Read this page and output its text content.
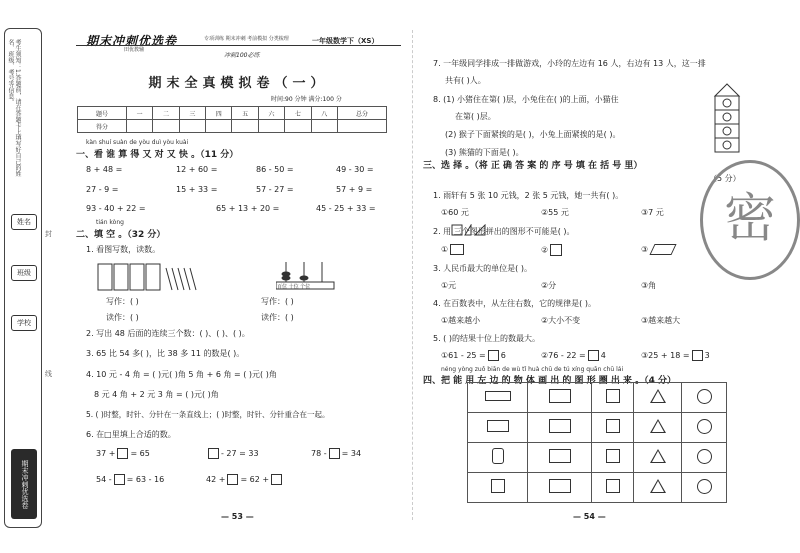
考生须知：1.答题前，请在答题卡上填写好自己的姓名、班级、考号等信息。
姓名
班级
学校
期末冲刺优选卷
封
线
期末冲刺优选卷
田优教辅
专项训练 期末冲刺 考前模拟 分类梳理	一年级数学下（XS）
冲刺100必练
期末全真模拟卷（一）
时间:90 分钟 满分:100 分
题号	一	二	三	四	五	六	七	八	总分
得分									
kàn shuí suàn de yòu duì yòu kuài
一、看 谁 算 得 又 对 又 快 。（11 分）
8 + 48 =	12 + 60 =	86 - 50 =	49 - 30 =
27 - 9 =	15 + 33 =	57 - 27 =	57 + 9 =
93 - 40 + 22 =	65 + 13 + 20 =	45 - 25 + 33 =
tián kòng
二、填 空 。（32 分）
1. 看图写数，读数。
百位 十位 个位
写作：( )	写作：( )
读作：( )	读作：( )
2. 写出 48 后面的连续三个数：( )、( )、( )。
3. 65 比 54 多( )，比 38 多 11 的数是( )。
4. 10 元 - 4 角 = ( )元( )角 5 角 + 6 角 = ( )元( )角
8 元 4 角 + 2 元 3 角 = ( )元( )角
5. ( )时整，时针、分针在一条直线上；( )时整，时针、分针重合在一起。
6. 在□里填上合适的数。
37 + = 65	- 27 = 33	78 - = 34
54 - = 63 - 16	42 + = 62 +
— 53 —
7. 一年级同学排成一排做游戏，小玲的左边有 16 人，右边有 13 人，这一排
共有( )人。
8. (1) 小猪住在第( )层，小兔住在( )的上面，小猫住
在第( )层。
(2) 猴子下面紧挨的是( )，小兔上面紧挨的是( )。
(3) 熊猫的下面是( )。
三、选 择 。（将 正 确 答 案 的 序 号 填 在 括 号 里）
（5 分）
1. 雨轩有 5 张 10 元钱，2 张 5 元钱，她一共有( )。
①60 元	②55 元	③7 元
2. 用 三个图形拼出的图形不可能是( )。
①	②	③
3. 人民币最大的单位是( )。
①元	②分	③角
4. 在百数表中，从左往右数，它的规律是( )。
①越来越小	②大小不变	③越来越大
5. ( )的结果十位上的数最大。
①61 - 25 = 6	②76 - 22 = 4	③25 + 18 = 3
néng yòng zuǒ biān de wù tǐ huà chū de tú xíng quān chū lái
四、把 能 用 左 边 的 物 体 画 出 的 图 形 圈 出 来 。（4 分）

— 54 —
密
